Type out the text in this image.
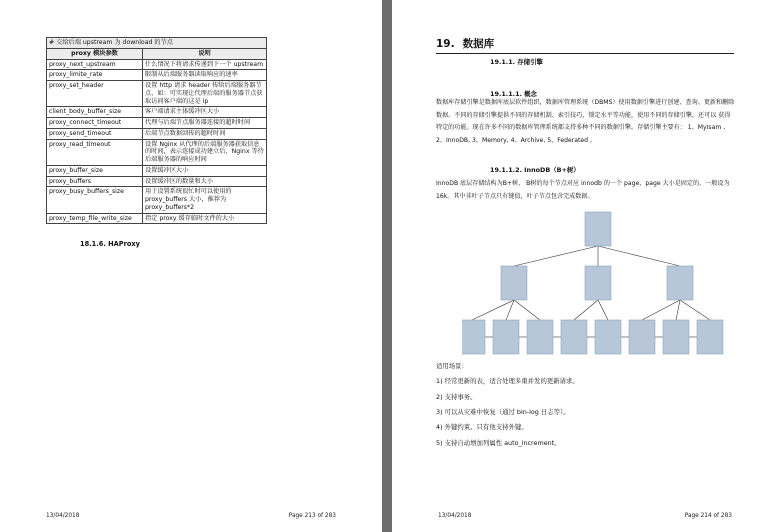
# 交给后端 upstream 为 download 的节点	
proxy 模块参数	说明
proxy_next_upstream	什么情况下将请求传递到下一个 upstream
proxy_limite_rate	限制从后端服务器读取响应的速率
proxy_set_header	设置 http 请求 header 传给后端服务器节点，如：可实现让代理后端的服务器节点获取访问客户端的这是 ip
client_body_buffer_size	客户端请求主体缓冲区大小
proxy_connect_timeout	代理与后端节点服务器连接的超时时间
proxy_send_timeout	后端节点数据回传的超时时间
proxy_read_timeout	设置 Nginx 从代理的后端服务器获取信息的时间，表示连接成功建立后，Nginx 等待后端服务器的响应时间
proxy_buffer_size	设置缓冲区大小
proxy_buffers	设置缓冲区的数量和大小
proxy_busy_buffers_size	用于设置系统很忙时可以使用的 proxy_buffers 大小，推荐为 proxy_buffers*2
proxy_temp_file_write_size	指定 proxy 缓存临时文件的大小
18.1.6. HAProxy
13/04/2018	Page 213 of 283
19. 数据库
19.1.1. 存储引擎
19.1.1.1. 概念
数据库存储引擎是数据库底层软件组织，数据库管理系统（DBMS）使用数据引擎进行创建、查询、更新和删除数据。不同的存储引擎提供不同的存储机制、索引技巧、锁定水平等功能，使用不同的存储引擎，还可以 获得特定的功能。现在许多不同的数据库管理系统都支持多种不同的数据引擎。存储引擎主要有： 1、MyIsam , 2、InnoDB, 3、Memory, 4、Archive, 5、Federated 。
19.1.1.2. InnoDB（B+树）
InnoDB 底层存储结构为B+树， B树的每个节点对应 innodb 的一个 page，page 大小是固定的，一般设为 16k。其中非叶子节点只有键值，叶子节点包含完成数据。
适用场景：
1) 经常更新的表，适合处理多重并发的更新请求。
2) 支持事务。
3) 可以从灾难中恢复（通过 bin-log 日志等）。
4) 外键约束。只有他支持外键。
5) 支持自动增加列属性 auto_increment。
13/04/2018	Page 214 of 283
